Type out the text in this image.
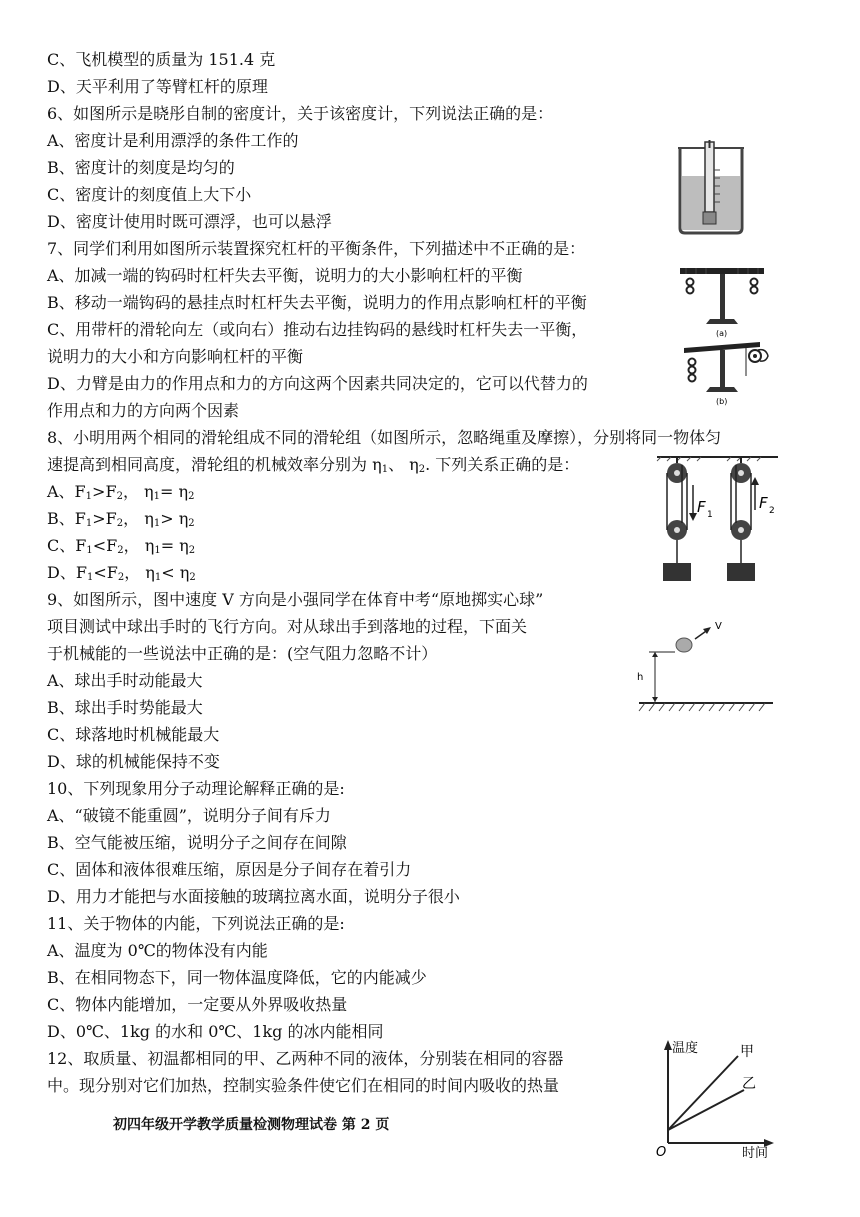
C、飞机模型的质量为 151.4 克
D、天平利用了等臂杠杆的原理
6、如图所示是晓彤自制的密度计，关于该密度计，下列说法正确的是：
A、密度计是利用漂浮的条件工作的
B、密度计的刻度是均匀的
C、密度计的刻度值上大下小
D、密度计使用时既可漂浮，也可以悬浮
7、同学们利用如图所示装置探究杠杆的平衡条件，下列描述中不正确的是：
A、加减一端的钩码时杠杆失去平衡，说明力的大小影响杠杆的平衡
B、移动一端钩码的悬挂点时杠杆失去平衡，说明力的作用点影响杠杆的平衡
C、用带杆的滑轮向左（或向右）推动右边挂钩码的悬线时杠杆失去一平衡，
说明力的大小和方向影响杠杆的平衡
D、力臂是由力的作用点和力的方向这两个因素共同决定的，它可以代替力的
作用点和力的方向两个因素
8、小明用两个相同的滑轮组成不同的滑轮组（如图所示，忽略绳重及摩擦），分别将同一物体匀
速提高到相同高度，滑轮组的机械效率分别为 $\eta_1$、 $\eta_2$. 下列关系正确的是：
A、$F_1>F_2$， $\eta_1= \eta_2$
B、$F_1>F_2$， $\eta_1> \eta_2$
C、$F_1<F_2$， $\eta_1= \eta_2$
D、$F_1<F_2$， $\eta_1< \eta_2$
9、如图所示，图中速度 V 方向是小强同学在体育中考“原地掷实心球”
项目测试中球出手时的飞行方向。对从球出手到落地的过程，下面关
于机械能的一些说法中正确的是：(空气阻力忽略不计）
A、球出手时动能最大
B、球出手时势能最大
C、球落地时机械能最大
D、球的机械能保持不变
10、下列现象用分子动理论解释正确的是:
A、“破镜不能重圆”，说明分子间有斥力
B、空气能被压缩，说明分子之间存在间隙
C、固体和液体很难压缩，原因是分子间存在着引力
D、用力才能把与水面接触的玻璃拉离水面，说明分子很小
11、关于物体的内能，下列说法正确的是:
A、温度为 0℃的物体没有内能
B、在相同物态下，同一物体温度降低，它的内能减少
C、物体内能增加，一定要从外界吸收热量
D、0℃、1kg 的水和 0℃、1kg 的冰内能相同
12、取质量、初温都相同的甲、乙两种不同的液体，分别装在相同的容器
中。现分别对它们加热，控制实验条件使它们在相同的时间内吸收的热量
初四年级开学教学质量检测物理试卷 第 2 页
(a)
(b)
F 1
F 2
V
h
温度	甲
乙
O	时间
